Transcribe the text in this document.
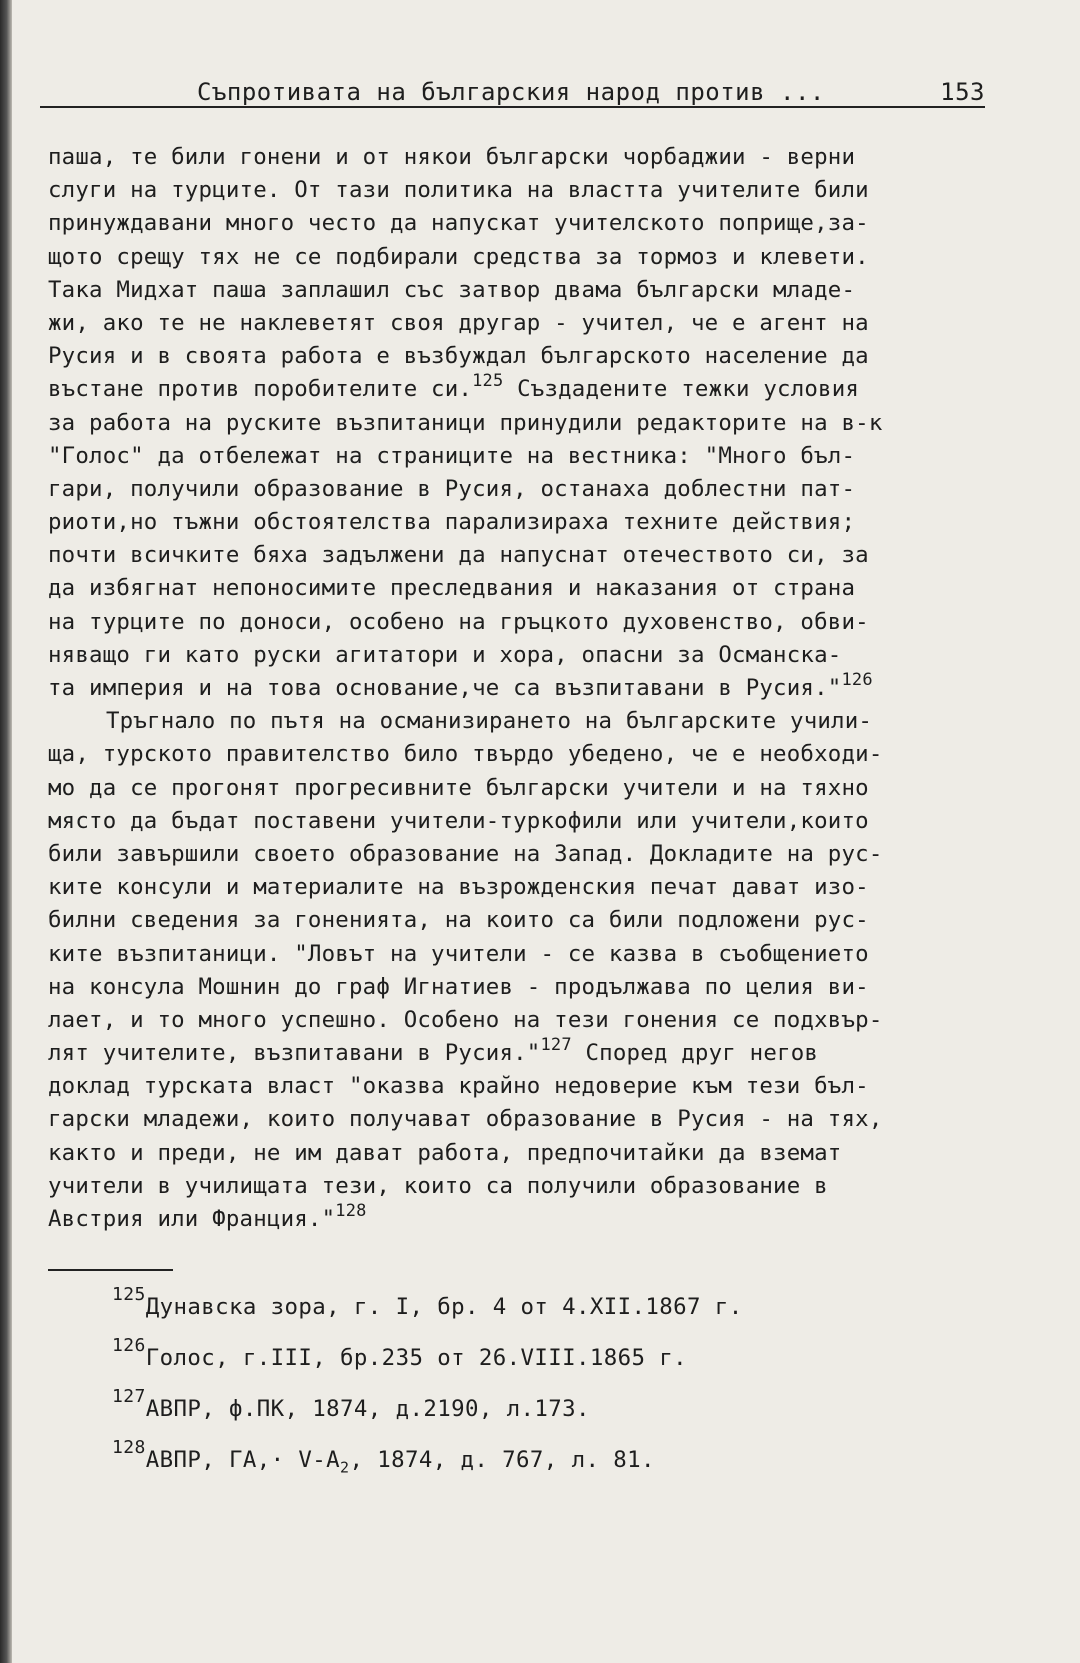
Съпротивата на българския народ против ...	153
паша, те били гонени и от някои български чорбаджии - верни
слуги на турците. От тази политика на властта учителите били
принуждавани много често да напускат учителското поприще,за-
щото срещу тях не се подбирали средства за тормоз и клевети.
Така Мидхат паша заплашил със затвор двама български младе-
жи, ако те не наклеветят своя другар - учител, че е агент на
Русия и в своята работа е възбуждал българското население да
въстане против поробителите си.$^{125}$ Създадените тежки условия
за работа на руските възпитаници принудили редакторите на в-к
"Голос" да отбележат на страниците на вестника: "Много бъл-
гари, получили образование в Русия, останаха доблестни пат-
риоти,но тъжни обстоятелства парализираха техните действия;
почти всичките бяха задължени да напуснат отечеството си, за
да избягнат непоносимите преследвания и наказания от страна
на турците по доноси, особено на гръцкото духовенство, обви-
няващо ги като руски агитатори и хора, опасни за Османска-
та империя и на това основание,че са възпитавани в Русия."$^{126}$
Тръгнало по пътя на османизирането на българските учили-
ща, турското правителство било твърдо убедено, че е необходи-
мо да се прогонят прогресивните български учители и на тяхно
място да бъдат поставени учители-туркофили или учители,които
били завършили своето образование на Запад. Докладите на рус-
ките консули и материалите на възрожденския печат дават изо-
билни сведения за гоненията, на които са били подложени рус-
ките възпитаници. "Ловът на учители - се казва в съобщението
на консула Мошнин до граф Игнатиев - продължава по целия ви-
лает, и то много успешно. Особено на тези гонения се подхвър-
лят учителите, възпитавани в Русия."$^{127}$ Според друг негов
доклад турската власт "оказва крайно недоверие към тези бъл-
гарски младежи, които получават образование в Русия - на тях,
както и преди, не им дават работа, предпочитайки да вземат
учители в училищата тези, които са получили образование в
Австрия или Франция."$^{128}$
$^{125}$Дунавска зора, г. I, бр. 4 от 4.XII.1867 г.
$^{126}$Голос, г.III, бр.235 от 26.VIII.1865 г.
$^{127}$АВПР, ф.ПК, 1874, д.2190, л.173.
$^{128}$АВПР, $ГА,\cdot V-А_2$, 1874, д. 767, л. 81.
